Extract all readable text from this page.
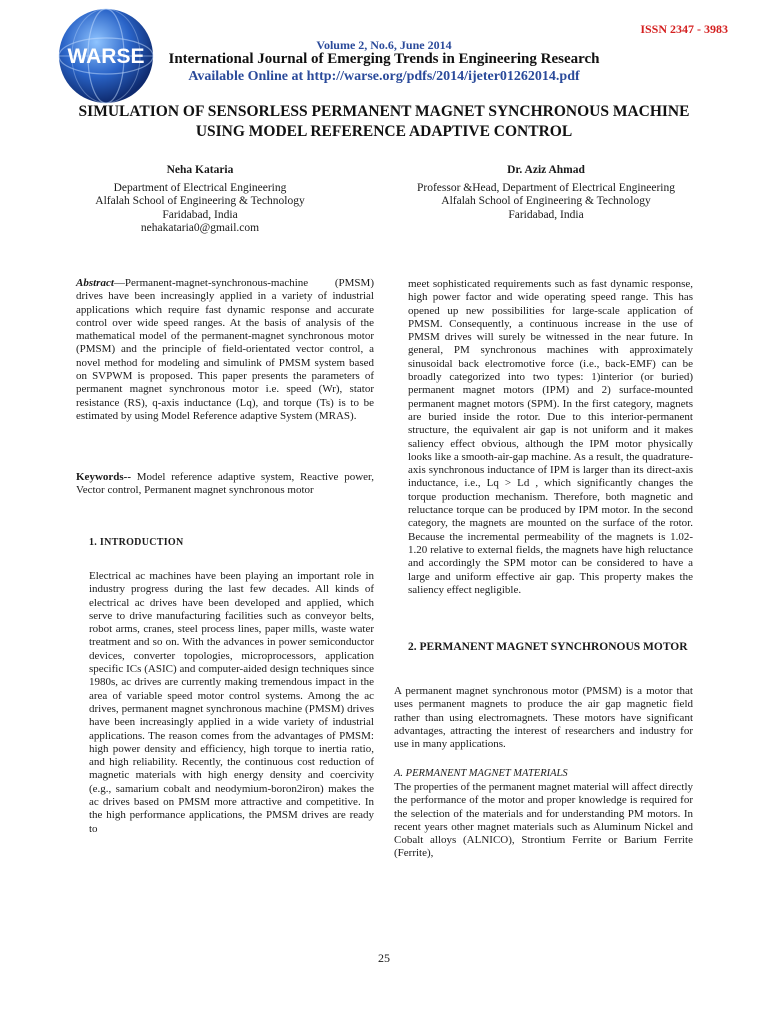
WARSE
ISSN 2347 - 3983
Volume 2, No.6, June 2014
International Journal of Emerging Trends in Engineering Research
Available Online at http://warse.org/pdfs/2014/ijeter01262014.pdf
SIMULATION OF SENSORLESS PERMANENT MAGNET SYNCHRONOUS MACHINE USING MODEL REFERENCE ADAPTIVE CONTROL
Neha Kataria
Department of Electrical Engineering
Alfalah School of Engineering & Technology
Faridabad, India
nehakataria0@gmail.com
Dr. Aziz Ahmad
Professor &Head, Department of Electrical Engineering
Alfalah School of Engineering & Technology
Faridabad, India

Abstract—Permanent-magnet-synchronous-machine (PMSM) drives have been increasingly applied in a variety of industrial applications which require fast dynamic response and accurate control over wide speed ranges. At the basis of analysis of the mathematical model of the permanent-magnet synchronous motor (PMSM) and the principle of field-orientated vector control, a novel method for modeling and simulink of PMSM system based on SVPWM is proposed. This paper presents the parameters of permanent magnet synchronous motor i.e. speed (Wr), stator resistance (RS), q-axis inductance (Lq), and torque (Ts) is to be estimated by using Model Reference adaptive System (MRAS).

Keywords-- Model reference adaptive system, Reactive power, Vector control, Permanent magnet synchronous motor

1. INTRODUCTION

Electrical ac machines have been playing an important role in industry progress during the last few decades. All kinds of electrical ac drives have been developed and applied, which serve to drive manufacturing facilities such as conveyor belts, robot arms, cranes, steel process lines, paper mills, waste water treatment and so on. With the advances in power semiconductor devices, converter topologies, microprocessors, application specific ICs (ASIC) and computer-aided design techniques since 1980s, ac drives are currently making tremendous impact in the area of variable speed motor control systems. Among the ac drives, permanent magnet synchronous machine (PMSM) drives have been increasingly applied in a wide variety of industrial applications. The reason comes from the advantages of PMSM: high power density and efficiency, high torque to inertia ratio, and high reliability. Recently, the continuous cost reduction of magnetic materials with high energy density and coercivity (e.g., samarium cobalt and neodymium-boron2iron) makes the ac drives based on PMSM more attractive and competitive. In the high performance applications, the PMSM drives are ready to

meet sophisticated requirements such as fast dynamic response, high power factor and wide operating speed range. This has opened up new possibilities for large-scale application of PMSM. Consequently, a continuous increase in the use of PMSM drives will surely be witnessed in the near future. In general, PM synchronous machines with approximately sinusoidal back electromotive force (i.e., back-EMF) can be broadly categorized into two types: 1)interior (or buried) permanent magnet motors (IPM) and 2) surface-mounted permanent magnet motors (SPM). In the first category, magnets are buried inside the rotor. Due to this interior-permanent structure, the equivalent air gap is not uniform and it makes saliency effect obvious, although the IPM motor physically looks like a smooth-air-gap machine. As a result, the quadrature-axis synchronous inductance of IPM is larger than its direct-axis inductance, i.e., Lq > Ld , which significantly changes the torque production mechanism. Therefore, both magnetic and reluctance torque can be produced by IPM motor. In the second category, the magnets are mounted on the surface of the rotor. Because the incremental permeability of the magnets is 1.02-1.20 relative to external fields, the magnets have high reluctance and accordingly the SPM motor can be considered to have a large and uniform effective air gap. This property makes the saliency effect negligible.

2. PERMANENT MAGNET SYNCHRONOUS MOTOR

A permanent magnet synchronous motor (PMSM) is a motor that uses permanent magnets to produce the air gap magnetic field rather than using electromagnets. These motors have significant advantages, attracting the interest of researchers and industry for use in many applications.

A. PERMANENT MAGNET MATERIALS

The properties of the permanent magnet material will affect directly the performance of the motor and proper knowledge is required for the selection of the materials and for understanding PM motors. In recent years other magnet materials such as Aluminum Nickel and Cobalt alloys (ALNICO), Strontium Ferrite or Barium Ferrite (Ferrite),

25
